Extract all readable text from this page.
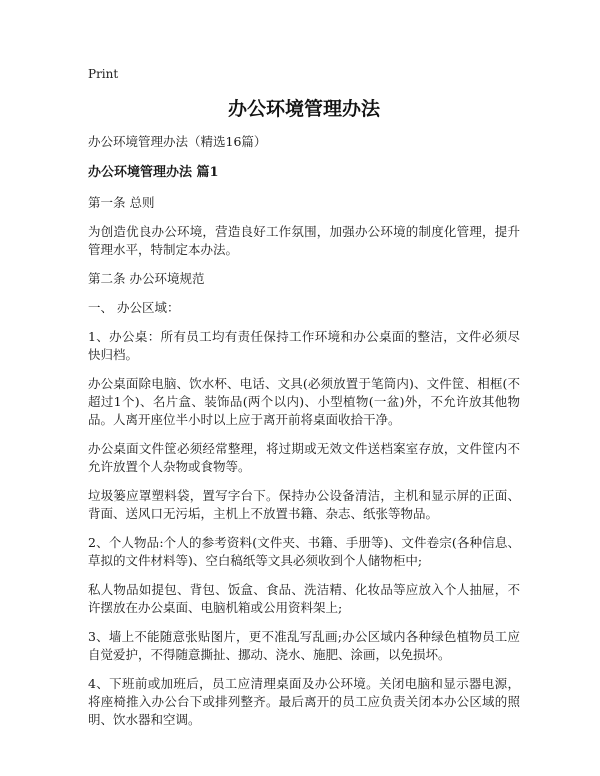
Print

办公环境管理办法

办公环境管理办法（精选16篇）

办公环境管理办法 篇1

第一条 总则

为创造优良办公环境，营造良好工作氛围，加强办公环境的制度化管理，提升管理水平，特制定本办法。

第二条 办公环境规范

一、 办公区域：

1、办公桌：所有员工均有责任保持工作环境和办公桌面的整洁，文件必须尽快归档。

办公桌面除电脑、饮水杯、电话、文具(必须放置于笔筒内)、文件筐、相框(不超过1个)、名片盒、装饰品(两个以内)、小型植物(一盆)外，不允许放其他物品。人离开座位半小时以上应于离开前将桌面收拾干净。

办公桌面文件筐必须经常整理，将过期或无效文件送档案室存放，文件筐内不允许放置个人杂物或食物等。

垃圾篓应罩塑料袋，置写字台下。保持办公设备清洁，主机和显示屏的正面、背面、送风口无污垢，主机上不放置书籍、杂志、纸张等物品。

2、个人物品:个人的参考资料(文件夹、书籍、手册等)、文件卷宗(各种信息、草拟的文件材料等)、空白稿纸等文具必须收到个人储物柜中;

私人物品如提包、背包、饭盒、食品、洗洁精、化妆品等应放入个人抽屉，不许摆放在办公桌面、电脑机箱或公用资料架上;

3、墙上不能随意张贴图片，更不准乱写乱画;办公区域内各种绿色植物员工应自觉爱护，不得随意撕扯、挪动、浇水、施肥、涂画，以免损坏。

4、下班前或加班后，员工应清理桌面及办公环境。关闭电脑和显示器电源，将座椅推入办公台下或排列整齐。最后离开的员工应负责关闭本办公区域的照明、饮水器和空调。
